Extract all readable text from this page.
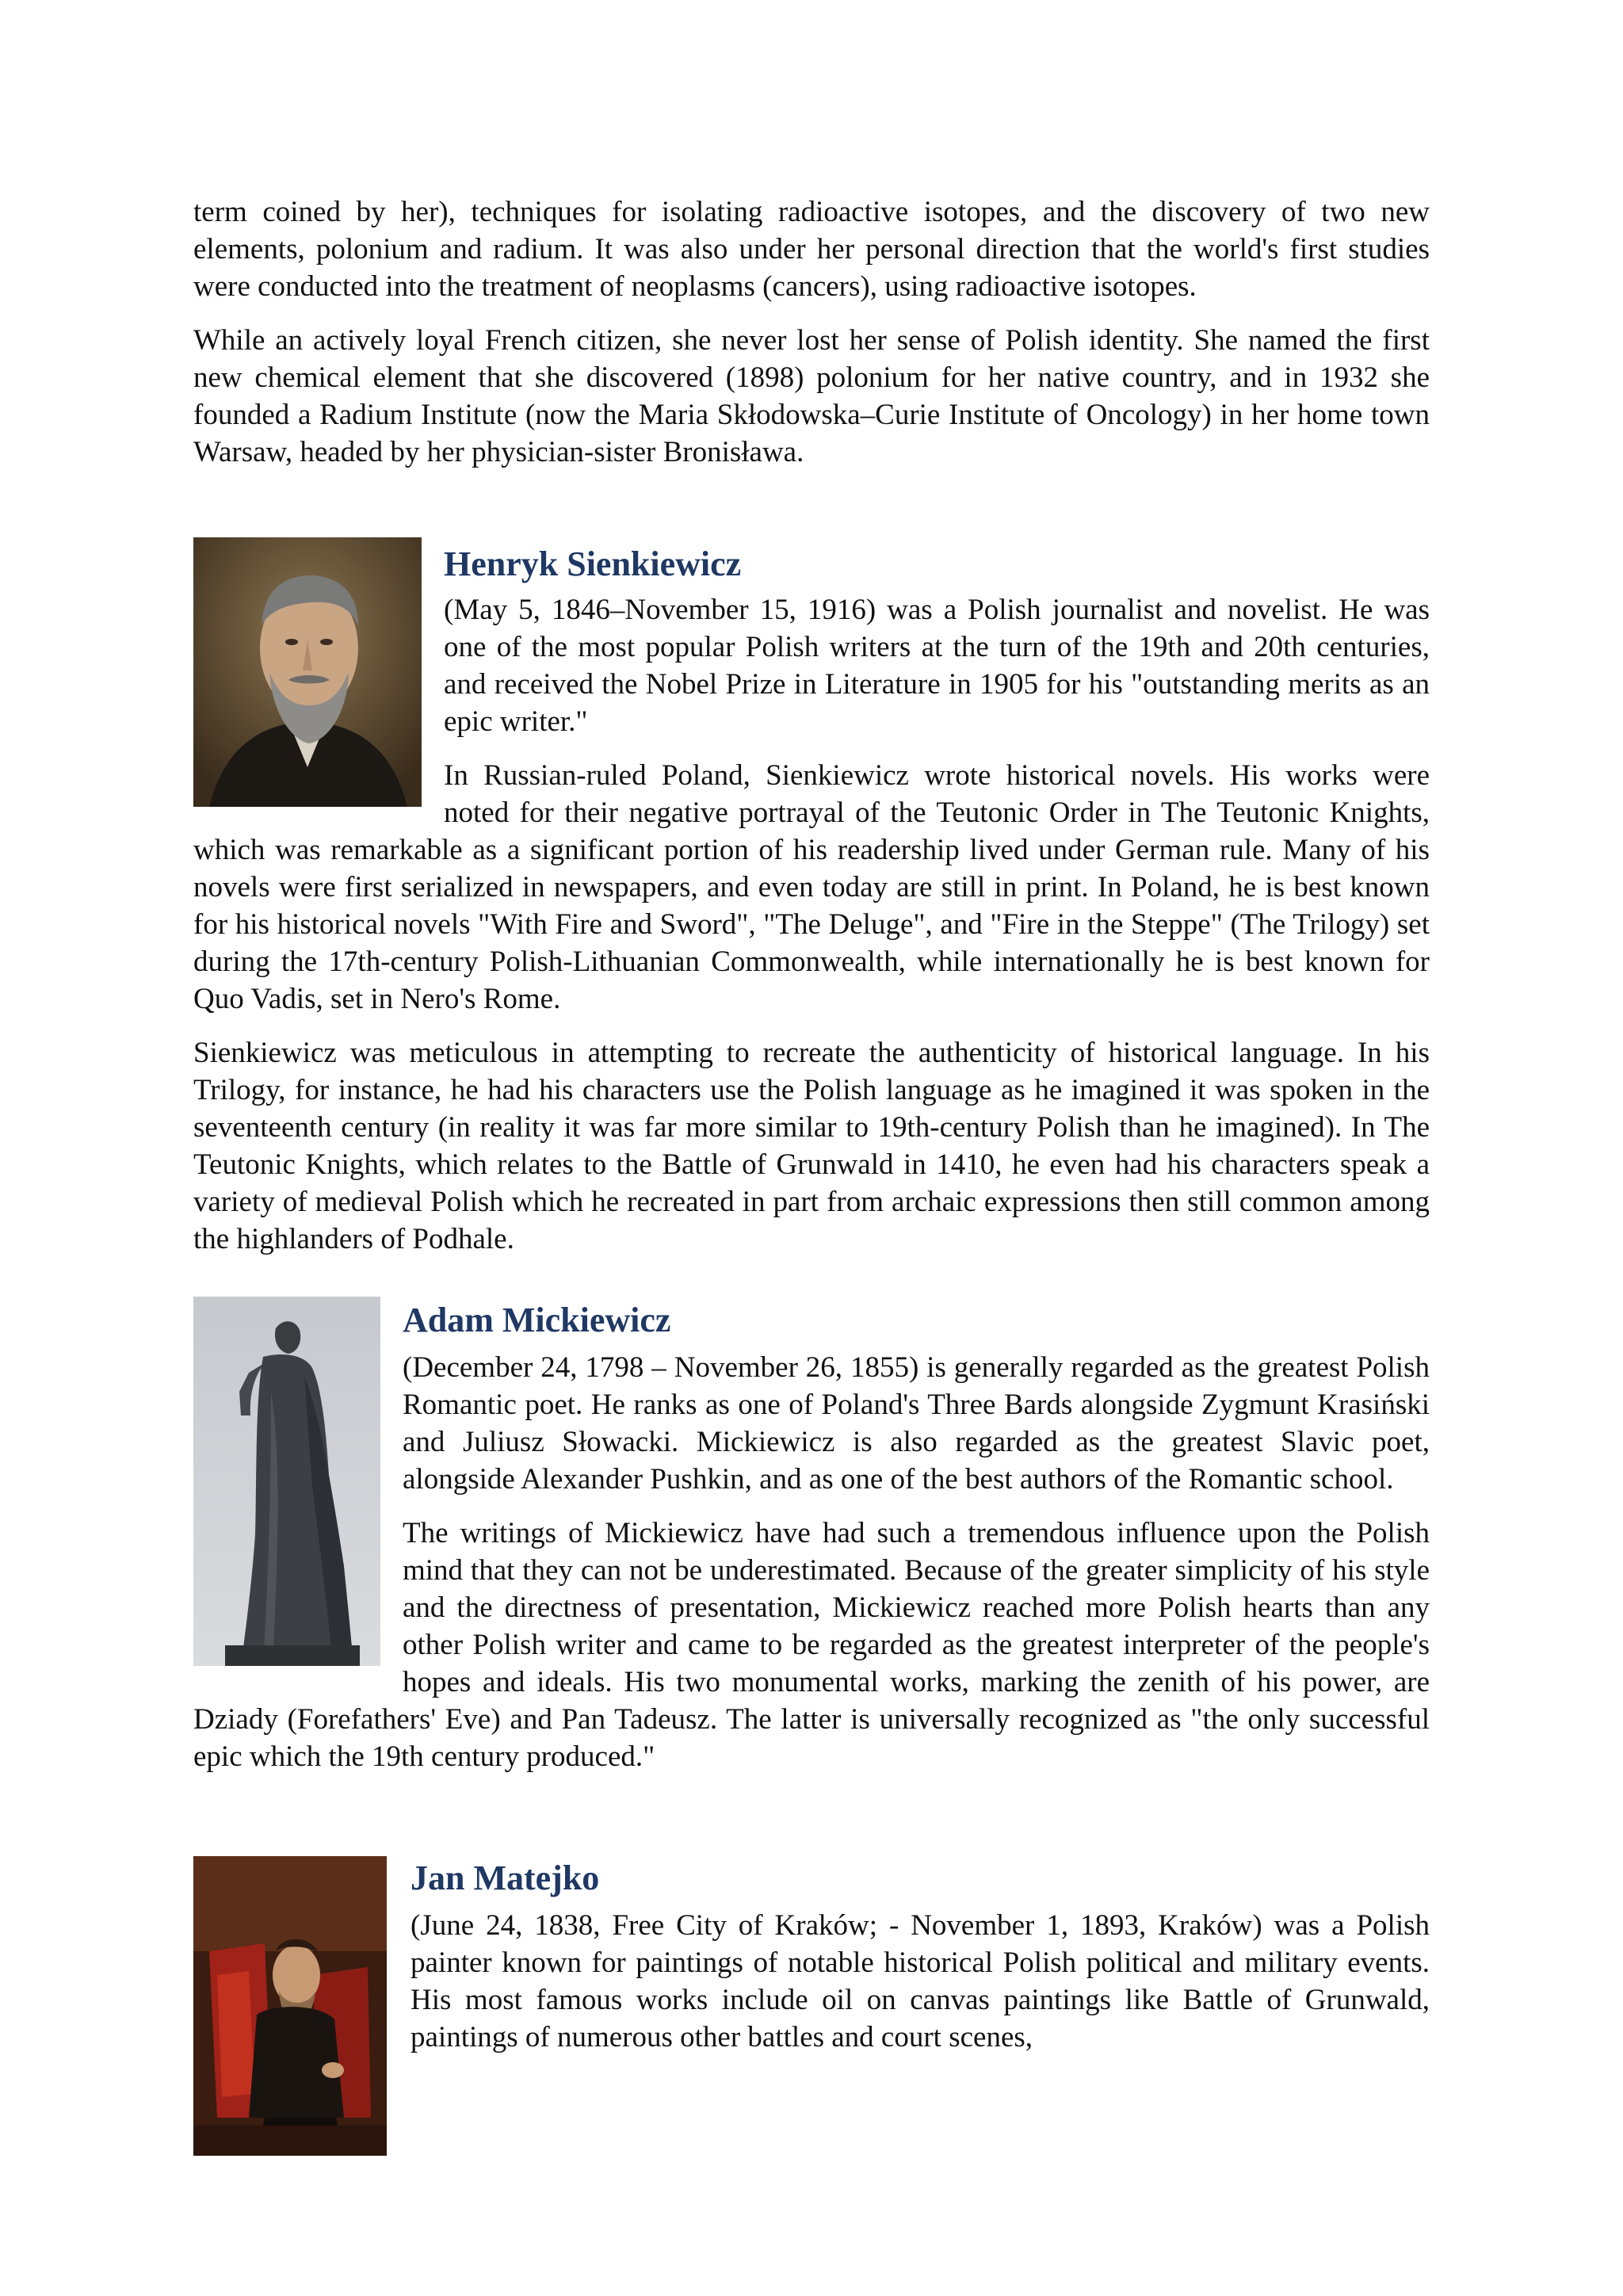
term coined by her), techniques for isolating radioactive isotopes, and the discovery of two new elements, polonium and radium. It was also under her personal direction that the world's first studies were conducted into the treatment of neoplasms (cancers), using radioactive isotopes.

While an actively loyal French citizen, she never lost her sense of Polish identity. She named the first new chemical element that she discovered (1898) polonium for her native country, and in 1932 she founded a Radium Institute (now the Maria Skłodowska–Curie Institute of Oncology) in her home town Warsaw, headed by her physician-sister Bronisława.

Henryk Sienkiewicz

(May 5, 1846–November 15, 1916) was a Polish journalist and novelist. He was one of the most popular Polish writers at the turn of the 19th and 20th centuries, and received the Nobel Prize in Literature in 1905 for his "outstanding merits as an epic writer."

In Russian-ruled Poland, Sienkiewicz wrote historical novels. His works were noted for their negative portrayal of the Teutonic Order in The Teutonic Knights, which was remarkable as a significant portion of his readership lived under German rule. Many of his novels were first serialized in newspapers, and even today are still in print. In Poland, he is best known for his historical novels "With Fire and Sword", "The Deluge", and "Fire in the Steppe" (The Trilogy) set during the 17th-century Polish-Lithuanian Commonwealth, while internationally he is best known for Quo Vadis, set in Nero's Rome.

Sienkiewicz was meticulous in attempting to recreate the authenticity of historical language. In his Trilogy, for instance, he had his characters use the Polish language as he imagined it was spoken in the seventeenth century (in reality it was far more similar to 19th-century Polish than he imagined). In The Teutonic Knights, which relates to the Battle of Grunwald in 1410, he even had his characters speak a variety of medieval Polish which he recreated in part from archaic expressions then still common among the highlanders of Podhale.

Adam Mickiewicz

(December 24, 1798 – November 26, 1855) is generally regarded as the greatest Polish Romantic poet. He ranks as one of Poland's Three Bards alongside Zygmunt Krasiński and Juliusz Słowacki. Mickiewicz is also regarded as the greatest Slavic poet, alongside Alexander Pushkin, and as one of the best authors of the Romantic school.

The writings of Mickiewicz have had such a tremendous influence upon the Polish mind that they can not be underestimated. Because of the greater simplicity of his style and the directness of presentation, Mickiewicz reached more Polish hearts than any other Polish writer and came to be regarded as the greatest interpreter of the people's hopes and ideals. His two monumental works, marking the zenith of his power, are Dziady (Forefathers' Eve) and Pan Tadeusz. The latter is universally recognized as "the only successful epic which the 19th century produced."

Jan Matejko

(June 24, 1838, Free City of Kraków; - November 1, 1893, Kraków) was a Polish painter known for paintings of notable historical Polish political and military events. His most famous works include oil on canvas paintings like Battle of Grunwald, paintings of numerous other battles and court scenes,
